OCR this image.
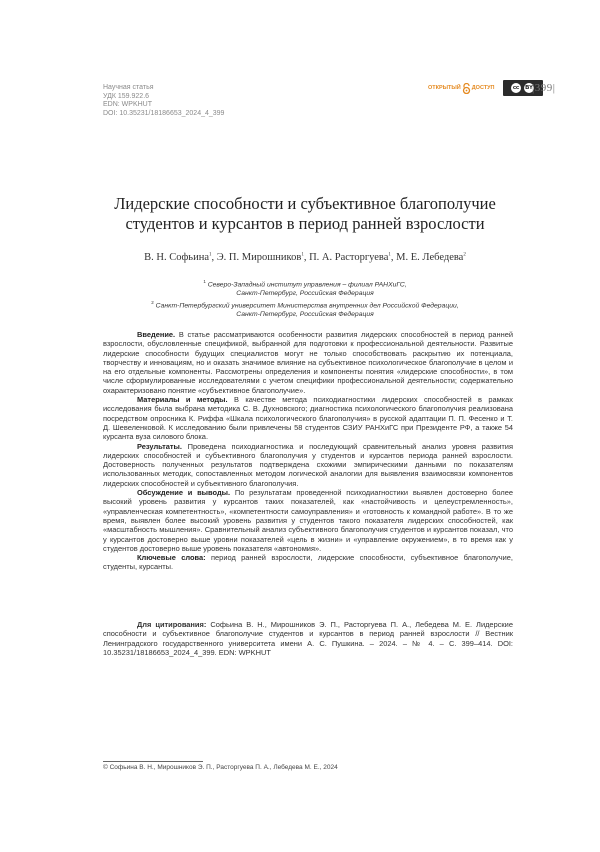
Научная статья
УДК 159.922.6
EDN: WPKHUT
DOI: 10.35231/18186653_2024_4_399
ОТКРЫТЫЙ ДОСТУП	cc	BY |399|
Лидерские способности и субъективное благополучие
студентов и курсантов в период ранней взрослости
В. Н. Софьина$^1$, Э. П. Мирошников$^1$, П. А. Расторгуева$^1$, М. Е. Лебедева$^2$
$^1$ Северо-Западный институт управления – филиал РАНХиГС,
Санкт-Петербург, Российская Федерация
$^2$ Санкт-Петербургский университет Министерства внутренних дел Российской Федерации,
Санкт-Петербург, Российская Федерация

Введение. В статье рассматриваются особенности развития лидерских способностей в период ранней взрослости, обусловленные спецификой, выбранной для подготовки к профессиональной деятельности. Развитые лидерские способности будущих специалистов могут не только способствовать раскрытию их потенциала, творчеству и инновациям, но и оказать значимое влияние на субъективное психологическое благополучие в целом и на его отдельные компоненты. Рассмотрены определения и компоненты понятия «лидерские способности», в том числе сформулированные исследователями с учетом специфики профессиональной деятельности; содержательно охарактеризовано понятие «субъективное благополучие».

Материалы и методы. В качестве метода психодиагностики лидерских способностей в рамках исследования была выбрана методика С. В. Духновского; диагностика психологического благополучия реализована посредством опросника К. Риффа «Шкала психологического благополучия» в русской адаптации П. П. Фесенко и Т. Д. Шевеленковой. К исследованию были привлечены 58 студентов СЗИУ РАНХиГС при Президенте РФ, а также 54 курсанта вуза силового блока.

Результаты. Проведена психодиагностика и последующий сравнительный анализ уровня развития лидерских способностей и субъективного благополучия у студентов и курсантов периода ранней взрослости. Достоверность полученных результатов подтверждена схожими эмпирическими данными по показателям использованных методик, сопоставленных методом логической аналогии для выявления взаимосвязи компонентов лидерских способностей и субъективного благополучия.

Обсуждение и выводы. По результатам проведенной психодиагностики выявлен достоверно более высокий уровень развития у курсантов таких показателей, как «настойчивость и целеустремленность», «управленческая компетентность», «компетентности самоуправления» и «готовность к командной работе». В то же время, выявлен более высокий уровень развития у студентов такого показателя лидерских способностей, как «масштабность мышления». Сравнительный анализ субъективного благополучия студентов и курсантов показал, что у курсантов достоверно выше уровни показателей «цель в жизни» и «управление окружением», в то время как у студентов достоверно выше уровень показателя «автономия».

Ключевые слова: период ранней взрослости, лидерские способности, субъективное благополучие, студенты, курсанты.

Для цитирования: Софьина В. Н., Мирошников Э. П., Расторгуева П. А., Лебедева М. Е. Лидерские способности и субъективное благополучие студентов и курсантов в период ранней взрослости // Вестник Ленинградского государственного университета имени А. С. Пушкина. – 2024. – № 4. – С. 399–414. DOI: 10.35231/18186653_2024_4_399. EDN: WPKHUT

© Софьина В. Н., Мирошников Э. П., Расторгуева П. А., Лебедева М. Е., 2024
